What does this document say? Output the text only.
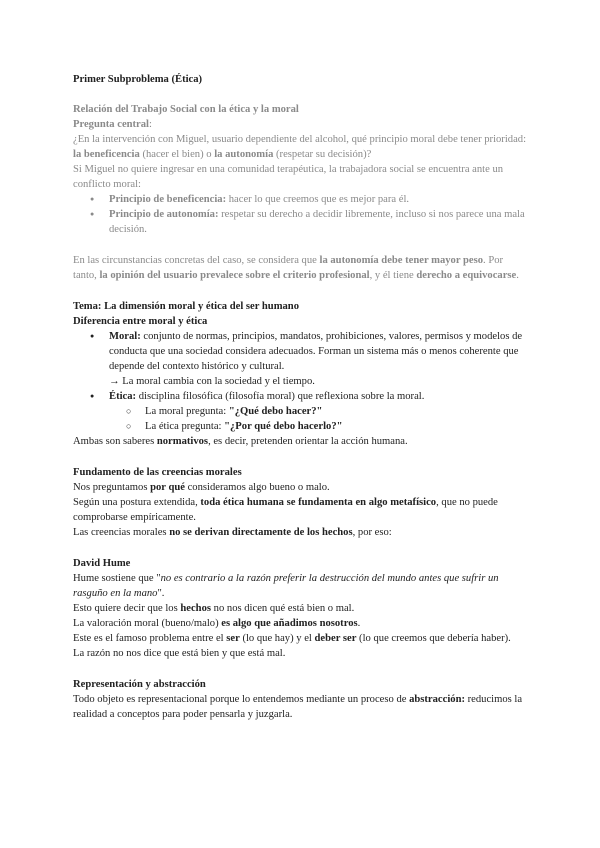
Primer Subproblema (Ética)

Relación del Trabajo Social con la ética y la moral

Pregunta central:

¿En la intervención con Miguel, usuario dependiente del alcohol, qué principio moral debe tener prioridad: la beneficencia (hacer el bien) o la autonomía (respetar su decisión)?

Si Miguel no quiere ingresar en una comunidad terapéutica, la trabajadora social se encuentra ante un conflicto moral:

● Principio de beneficencia: hacer lo que creemos que es mejor para él.
● Principio de autonomía: respetar su derecho a decidir libremente, incluso si nos parece una mala decisión.

En las circunstancias concretas del caso, se considera que la autonomía debe tener mayor peso. Por tanto, la opinión del usuario prevalece sobre el criterio profesional, y él tiene derecho a equivocarse.

Tema: La dimensión moral y ética del ser humano

Diferencia entre moral y ética

● Moral: conjunto de normas, principios, mandatos, prohibiciones, valores, permisos y modelos de conducta que una sociedad considera adecuados. Forman un sistema más o menos coherente que depende del contexto histórico y cultural.

→ La moral cambia con la sociedad y el tiempo.

● Ética: disciplina filosófica (filosofía moral) que reflexiona sobre la moral.
○ La moral pregunta: "¿Qué debo hacer?"
○ La ética pregunta: "¿Por qué debo hacerlo?"

Ambas son saberes normativos, es decir, pretenden orientar la acción humana.

Fundamento de las creencias morales

Nos preguntamos por qué consideramos algo bueno o malo.

Según una postura extendida, toda ética humana se fundamenta en algo metafísico, que no puede comprobarse empíricamente.

Las creencias morales no se derivan directamente de los hechos, por eso:

David Hume

Hume sostiene que "no es contrario a la razón preferir la destrucción del mundo antes que sufrir un rasguño en la mano".

Esto quiere decir que los hechos no nos dicen qué está bien o mal.

La valoración moral (bueno/malo) es algo que añadimos nosotros.

Este es el famoso problema entre el ser (lo que hay) y el deber ser (lo que creemos que debería haber).

La razón no nos dice que está bien y que está mal.

Representación y abstracción

Todo objeto es representacional porque lo entendemos mediante un proceso de abstracción: reducimos la realidad a conceptos para poder pensarla y juzgarla.
